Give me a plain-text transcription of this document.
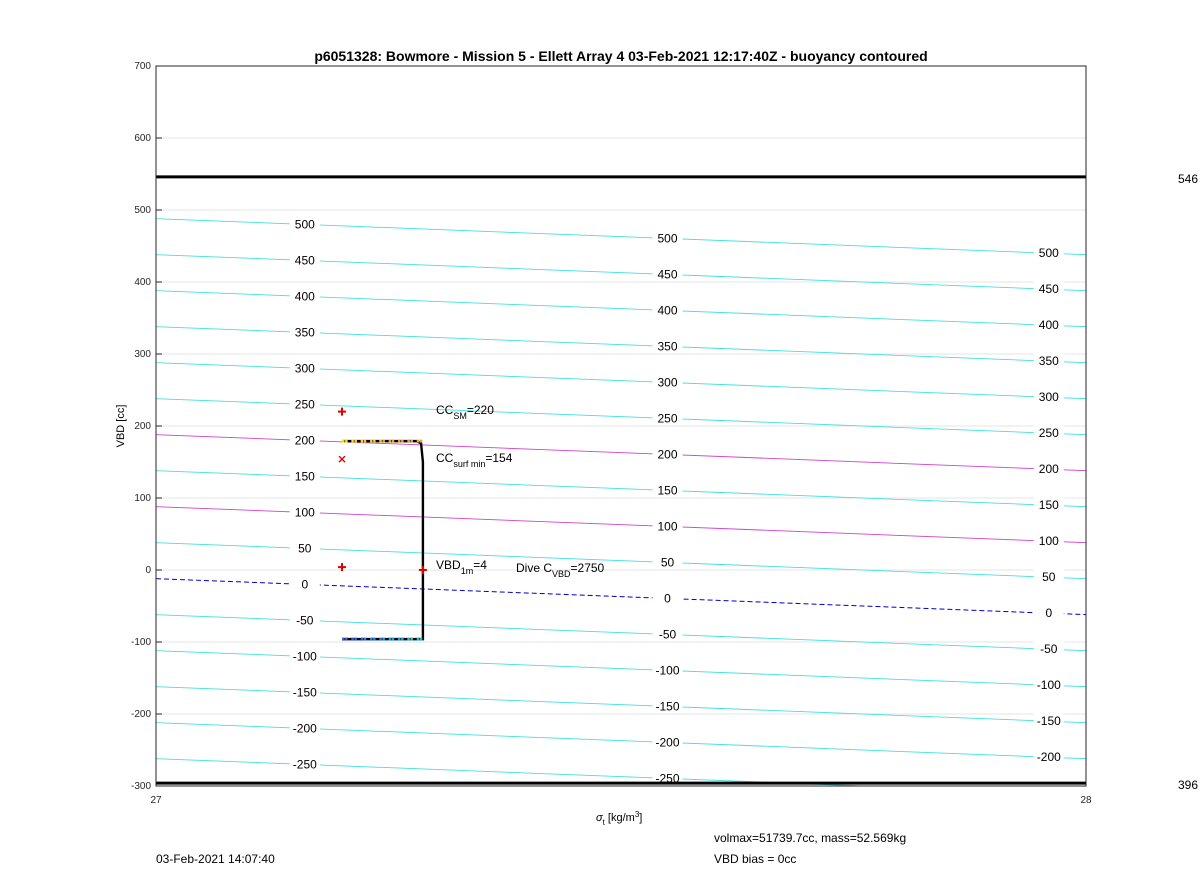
p6051328: Bowmore - Mission 5 - Ellett Array 4 03-Feb-2021 12:17:40Z - buoyancy contoured
-250
-250
-200
-200
-200
-150
-150
-150
-100
-100
-100
-50
-50
-50
0
0
0
50
50
50
100
100
100
150
150
150
200
200
200
250
250
250
300
300
300
350
350
350
400
400
400
450
450
450
500
500
500
546
396
-300
-200
-100
0
100
200
300
400
500
600
700
27	28
VBD [cc]
$\sigma_t$ $[kg/m^3]$
$CC_{SM}=220$
$CC_{surf min}=154$
$VBD_{1m}=4$ Dive $C_{VBD}=2750$
03-Feb-2021 14:07:40
volmax=51739.7cc, mass=52.569kg
VBD bias = 0cc
